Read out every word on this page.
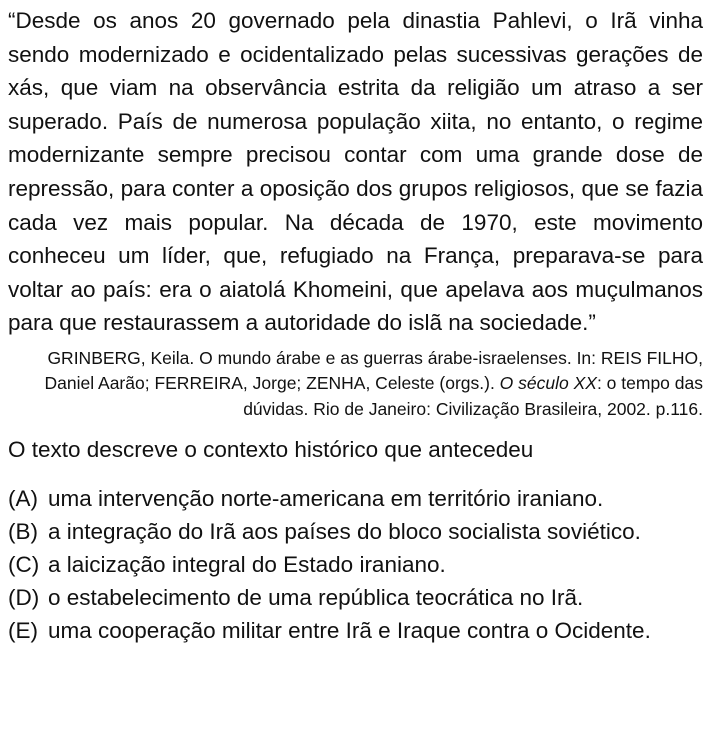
“Desde os anos 20 governado pela dinastia Pahlevi, o Irã vinha sendo modernizado e ocidentalizado pelas sucessivas gerações de xás, que viam na observância estrita da religião um atraso a ser superado. País de numerosa população xiita, no entanto, o regime modernizante sempre precisou contar com uma grande dose de repressão, para conter a oposição dos grupos religiosos, que se fazia cada vez mais popular. Na década de 1970, este movimento conheceu um líder, que, refugiado na França, preparava-se para voltar ao país: era o aiatolá Khomeini, que apelava aos muçulmanos para que restaurassem a autoridade do islã na sociedade.”

GRINBERG, Keila. O mundo árabe e as guerras árabe-israelenses. In: REIS FILHO, Daniel Aarão; FERREIRA, Jorge; ZENHA, Celeste (orgs.). O século XX: o tempo das dúvidas. Rio de Janeiro: Civilização Brasileira, 2002. p.116.

O texto descreve o contexto histórico que antecedeu

(A) uma intervenção norte-americana em território iraniano.
(B) a integração do Irã aos países do bloco socialista soviético.
(C) a laicização integral do Estado iraniano.
(D) o estabelecimento de uma república teocrática no Irã.
(E) uma cooperação militar entre Irã e Iraque contra o Ocidente.
